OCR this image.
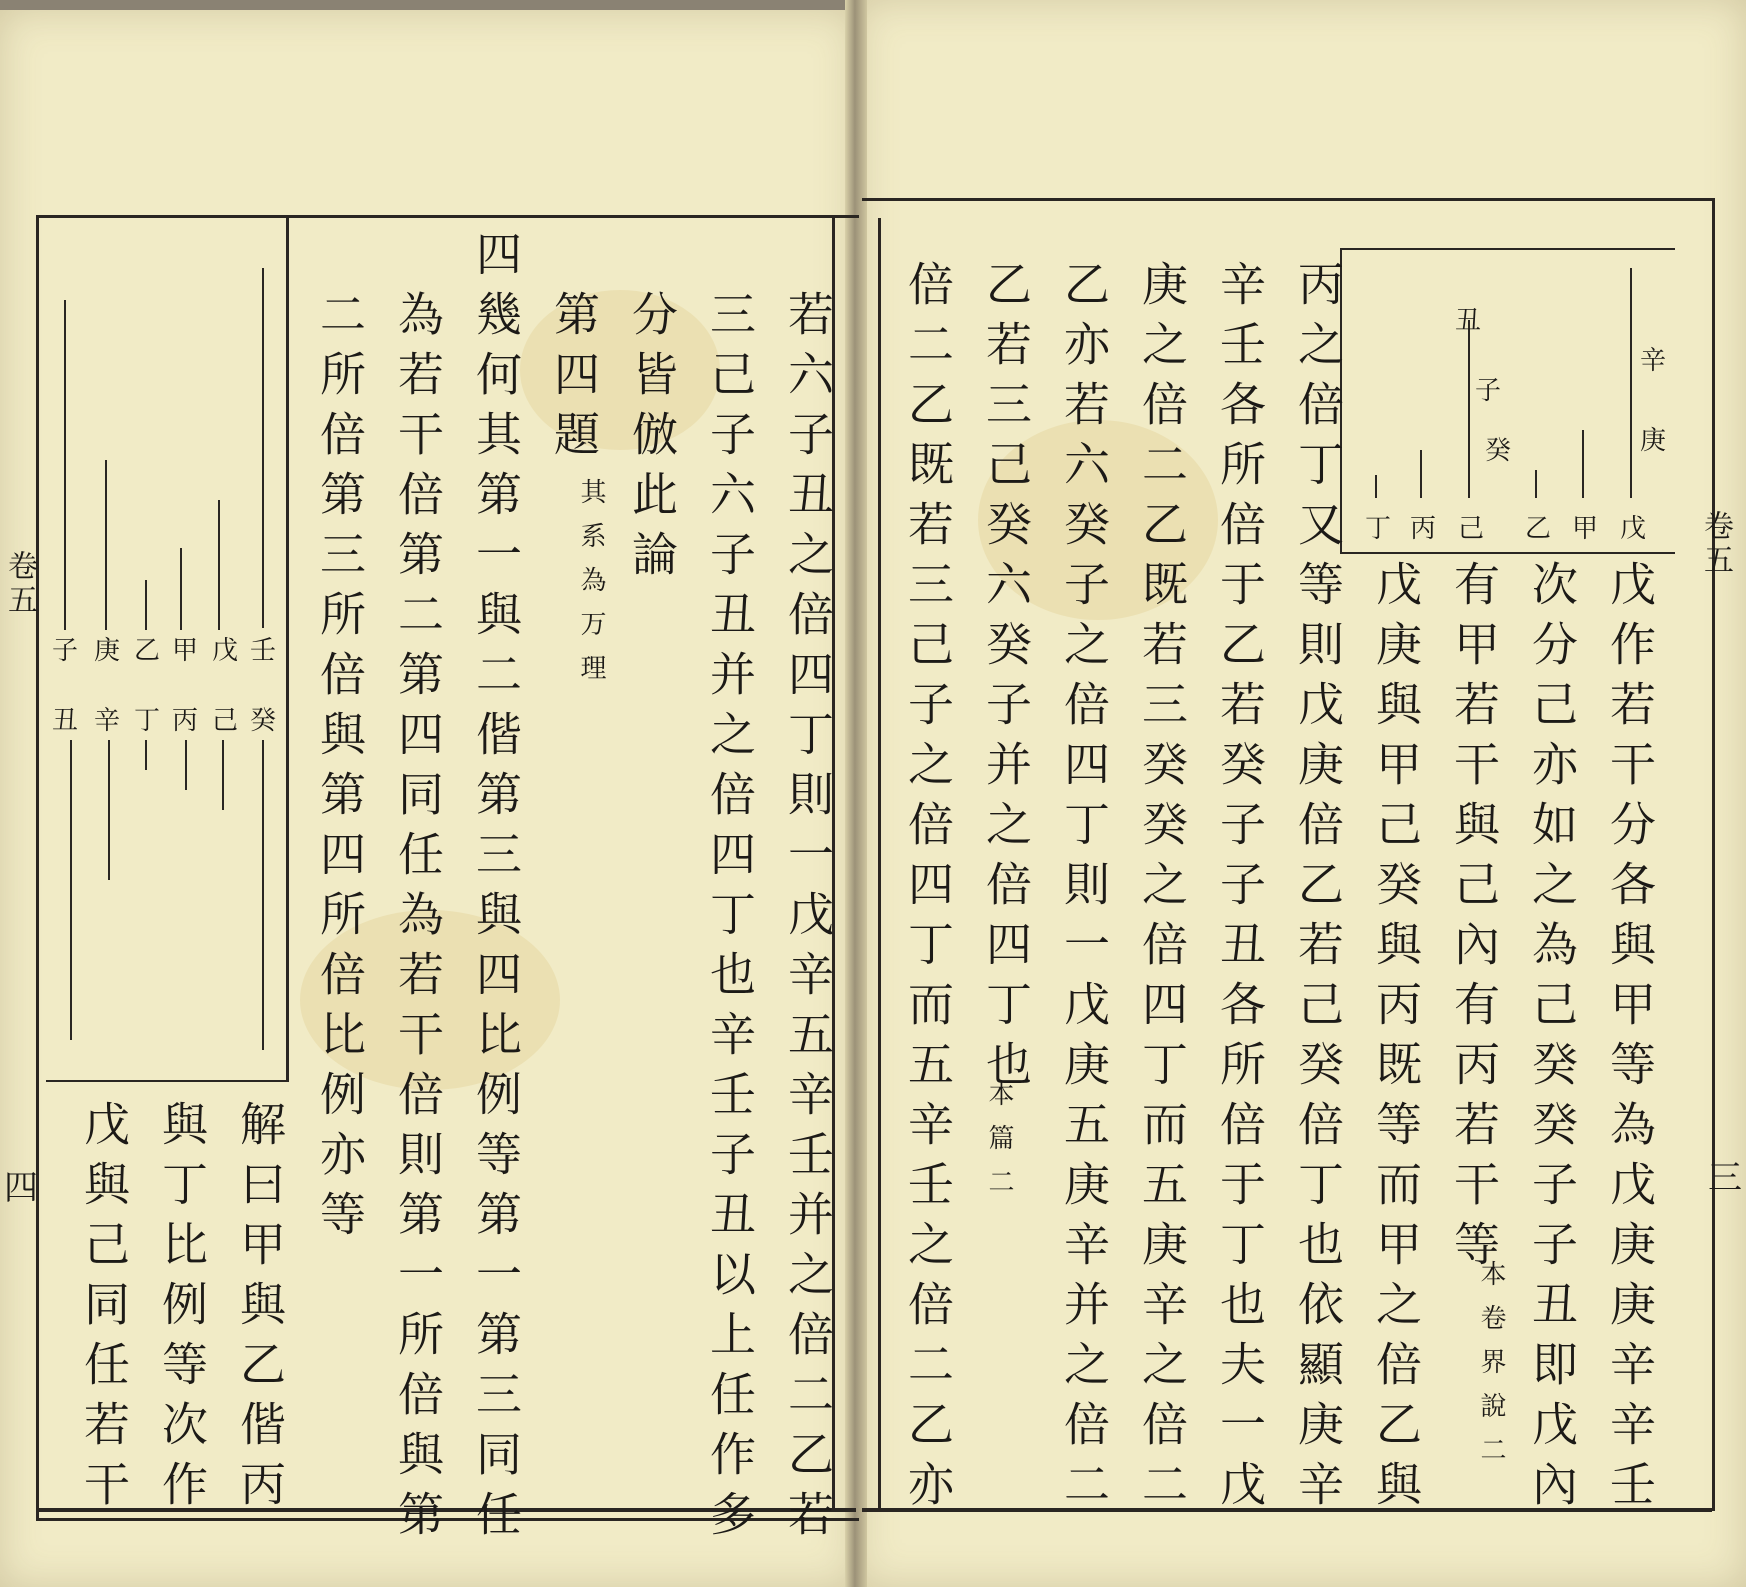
壬
戊
甲
乙
庚
子
癸
己
丙
丁
辛
丑	若六子丑之倍四丁則一戊辛五辛壬并之倍二乙若
三己子六子丑并之倍四丁也辛壬子丑以上任作多
分皆倣此論
第四題
其系為万理
四幾何其第一與二偕第三與四比例等第一第三同任
為若干倍第二第四同任為若干倍則第一所倍與第
二所倍第三所倍與第四所倍比例亦等
解曰甲與乙偕丙
與丁比例等次作
戊與己同任若干
卷五
四
辛
庚
丑
子
癸
戊
甲
乙
己
丙
丁
丙之倍丁又等則戊庚倍乙若己癸倍丁也依顯庚辛
辛壬各所倍于乙若癸子子丑各所倍于丁也夫一戊
庚之倍二乙既若三癸癸之倍四丁而五庚辛之倍二
乙亦若六癸子之倍四丁則一戊庚五庚辛并之倍二
乙若三己癸六癸子并之倍四丁也
本篇二
倍二乙既若三己子之倍四丁而五辛壬之倍二乙亦	戊作若干分各與甲等為戊庚庚辛辛壬
次分己亦如之為己癸癸子子丑即戊內
有甲若干與己內有丙若干等
本卷界說二
戊庚與甲己癸與丙既等而甲之倍乙與
卷五
三
